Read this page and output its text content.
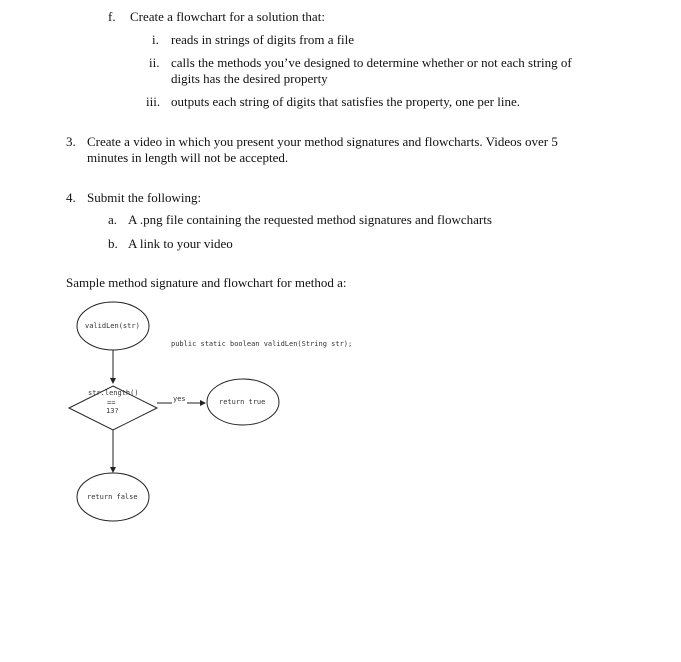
f. Create a flowchart for a solution that:
i. reads in strings of digits from a file
ii. calls the methods you’ve designed to determine whether or not each string of
digits has the desired property
iii. outputs each string of digits that satisfies the property, one per line.
3. Create a video in which you present your method signatures and flowcharts. Videos over 5
minutes in length will not be accepted.
4. Submit the following:
a. A .png file containing the requested method signatures and flowcharts
b. A link to your video
Sample method signature and flowchart for method a:
validLen(str)
public static boolean validLen(String str);
str.length()
==
13?
yes	return true
return false
